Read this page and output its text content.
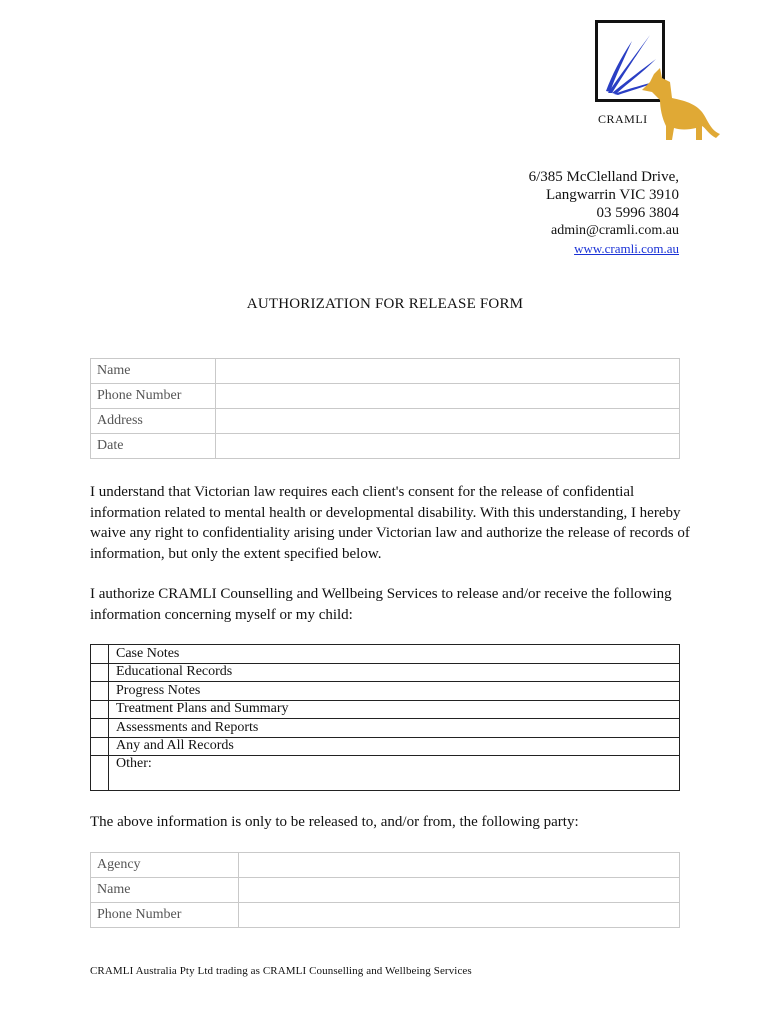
CRAMLI
6/385 McClelland Drive,
Langwarrin VIC 3910
03 5996 3804
admin@cramli.com.au
www.cramli.com.au
AUTHORIZATION FOR RELEASE FORM
Name	
Phone Number	
Address	
Date	
I understand that Victorian law requires each client's consent for the release of confidential information related to mental health or developmental disability. With this understanding, I hereby waive any right to confidentiality arising under Victorian law and authorize the release of records of information, but only the extent specified below.
I authorize CRAMLI Counselling and Wellbeing Services to release and/or receive the following information concerning myself or my child:
	Case Notes
	Educational Records
	Progress Notes
	Treatment Plans and Summary
	Assessments and Reports
	Any and All Records
	Other:
The above information is only to be released to, and/or from, the following party:
Agency	
Name	
Phone Number	
CRAMLI Australia Pty Ltd trading as CRAMLI Counselling and Wellbeing Services
